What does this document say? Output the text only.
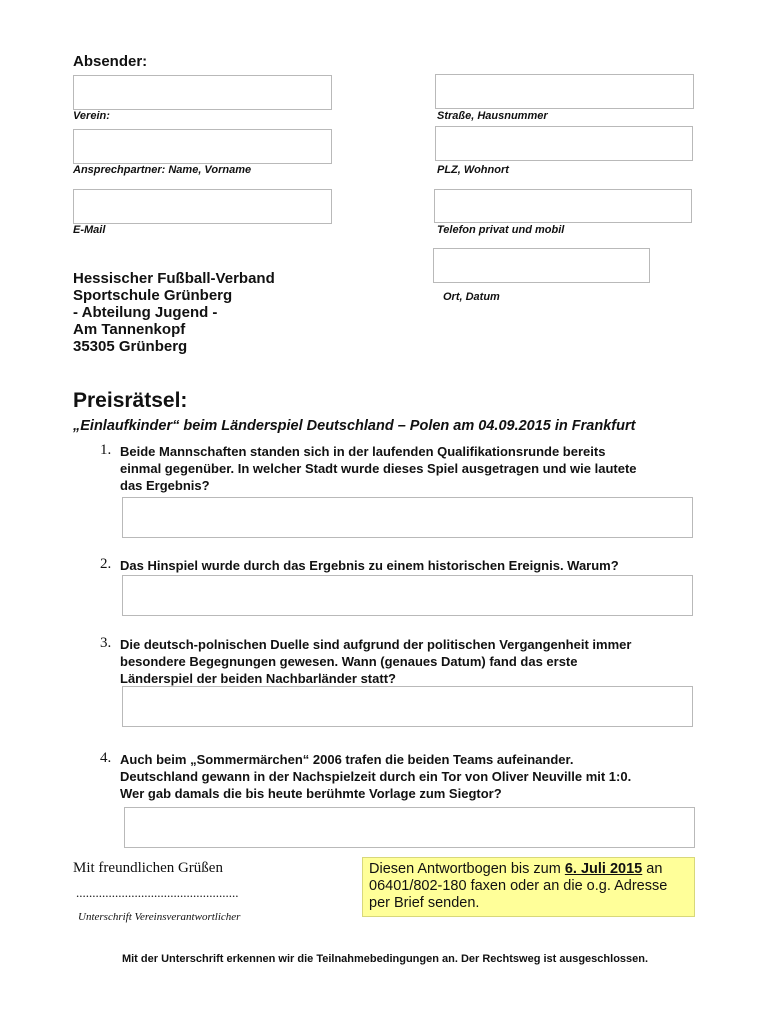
Absender:
Verein:
Ansprechpartner: Name, Vorname
E-Mail
Straße, Hausnummer
PLZ, Wohnort
Telefon privat und mobil
Ort, Datum
Hessischer Fußball-Verband
Sportschule Grünberg
- Abteilung Jugend -
Am Tannenkopf
35305 Grünberg
Preisrätsel:
„Einlaufkinder“ beim Länderspiel Deutschland – Polen am 04.09.2015 in Frankfurt
1. Beide Mannschaften standen sich in der laufenden Qualifikationsrunde bereits
einmal gegenüber. In welcher Stadt wurde dieses Spiel ausgetragen und wie lautete
das Ergebnis?
2. Das Hinspiel wurde durch das Ergebnis zu einem historischen Ereignis. Warum?
3. Die deutsch-polnischen Duelle sind aufgrund der politischen Vergangenheit immer
besondere Begegnungen gewesen. Wann (genaues Datum) fand das erste
Länderspiel der beiden Nachbarländer statt?
4. Auch beim „Sommermärchen“ 2006 trafen die beiden Teams aufeinander.
Deutschland gewann in der Nachspielzeit durch ein Tor von Oliver Neuville mit 1:0.
Wer gab damals die bis heute berühmte Vorlage zum Siegtor?
Mit freundlichen Grüßen
..................................................
Unterschrift Vereinsverantwortlicher
Diesen Antwortbogen bis zum 6. Juli 2015 an
06401/802-180 faxen oder an die o.g. Adresse
per Brief senden.
Mit der Unterschrift erkennen wir die Teilnahmebedingungen an. Der Rechtsweg ist ausgeschlossen.
